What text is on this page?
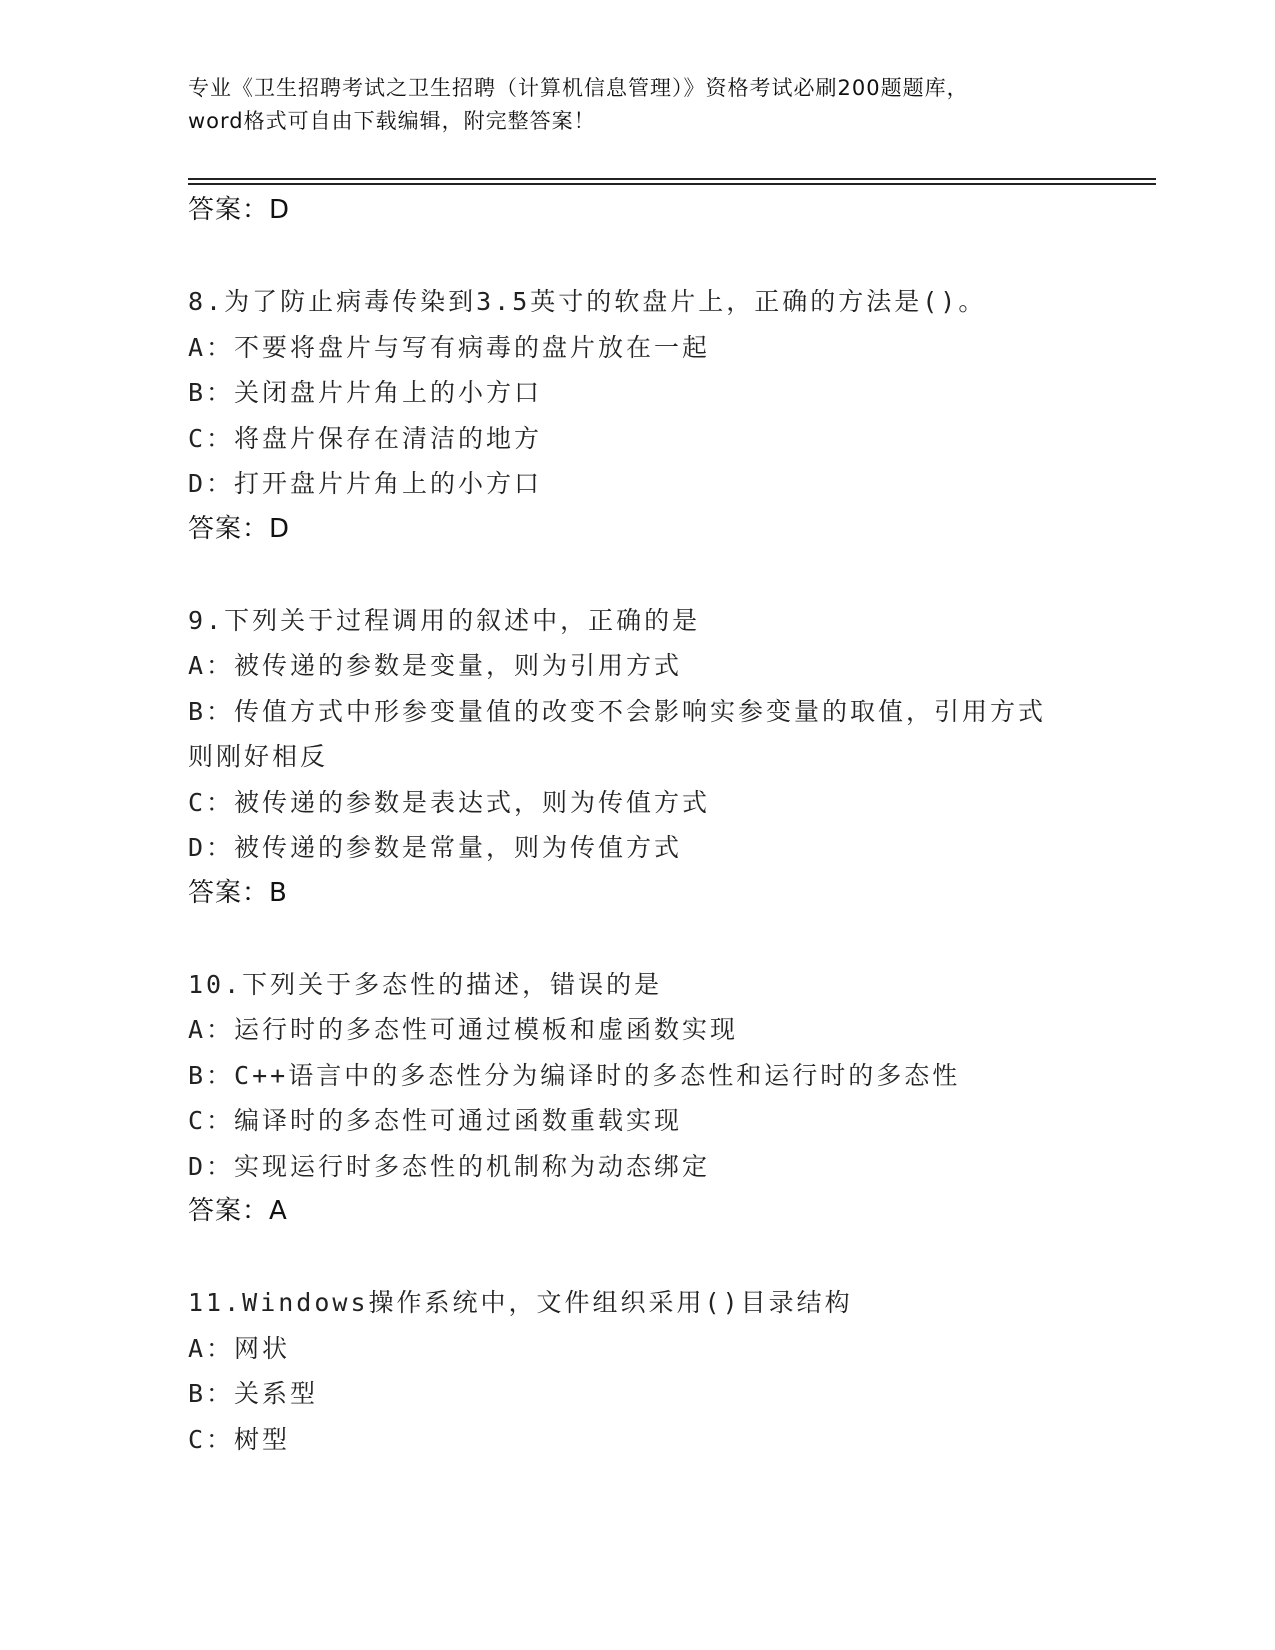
专业《卫生招聘考试之卫生招聘（计算机信息管理）》资格考试必刷200题题库，
word格式可自由下载编辑，附完整答案！
答案：D
8.为了防止病毒传染到3.5英寸的软盘片上，正确的方法是()。
A：不要将盘片与写有病毒的盘片放在一起
B：关闭盘片片角上的小方口
C：将盘片保存在清洁的地方
D：打开盘片片角上的小方口
答案：D
9.下列关于过程调用的叙述中，正确的是
A：被传递的参数是变量，则为引用方式
B：传值方式中形参变量值的改变不会影响实参变量的取值，引用方式
则刚好相反
C：被传递的参数是表达式，则为传值方式
D：被传递的参数是常量，则为传值方式
答案：B
10.下列关于多态性的描述，错误的是
A：运行时的多态性可通过模板和虚函数实现
B：C++语言中的多态性分为编译时的多态性和运行时的多态性
C：编译时的多态性可通过函数重载实现
D：实现运行时多态性的机制称为动态绑定
答案：A
11.Windows操作系统中，文件组织采用()目录结构
A：网状
B：关系型
C：树型
